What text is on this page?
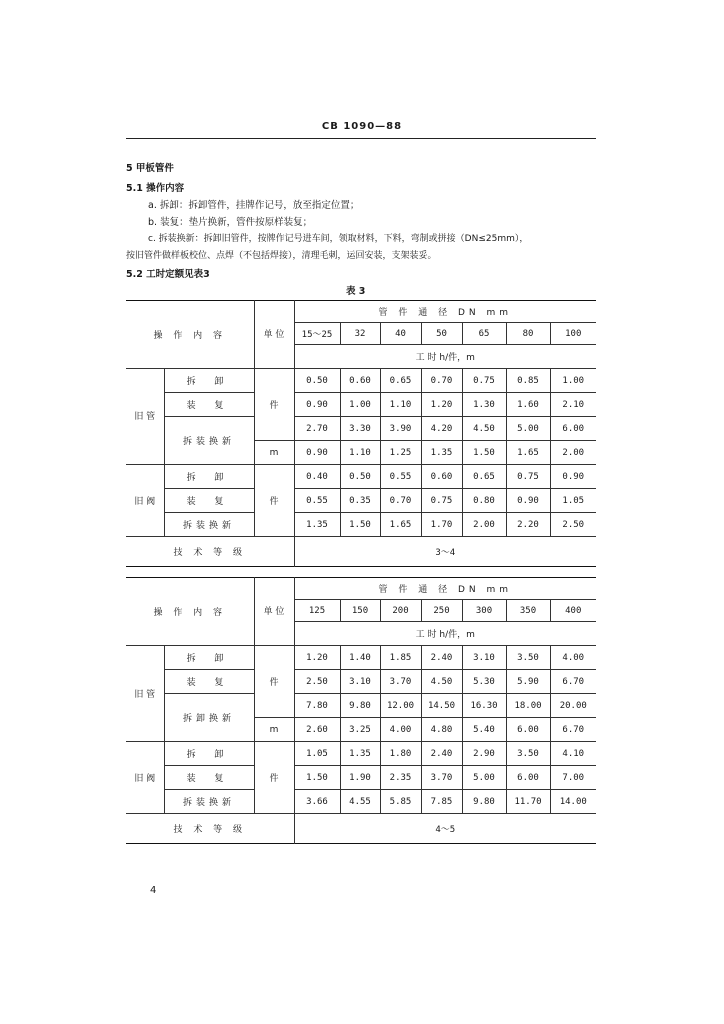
CB 1090—88
5 甲板管件
5.1 操作内容
a. 拆卸：拆卸管件，挂牌作记号，放至指定位置；
b. 装复：垫片换新，管件按原样装复；
c. 拆装换新：拆卸旧管件，按牌作记号进车间，领取材料，下料，弯制或拼接（DN≤25mm），
按旧管件做样板校位、点焊（不包括焊接），清理毛刺，运回安装，支架装妥。
5.2 工时定额见表3
表 3
操 作 内 容		单 位	管 件 通 径 DN mm						
			15～25	32	40	50	65	80	100
			工 时 h/件，m						
旧 管	拆 卸	件	0.50	0.60	0.65	0.70	0.75	0.85	1.00
	装 复		0.90	1.00	1.10	1.20	1.30	1.60	2.10
	拆装换新		2.70	3.30	3.90	4.20	4.50	5.00	6.00
		m	0.90	1.10	1.25	1.35	1.50	1.65	2.00
旧 阀	拆 卸	件	0.40	0.50	0.55	0.60	0.65	0.75	0.90
	装 复		0.55	0.35	0.70	0.75	0.80	0.90	1.05
	拆装换新		1.35	1.50	1.65	1.70	2.00	2.20	2.50
技 术 等 级			3～4						
操 作 内 容		单 位	管 件 通 径 DN mm						
			125	150	200	250	300	350	400
			工 时 h/件，m						
旧 管	拆 卸	件	1.20	1.40	1.85	2.40	3.10	3.50	4.00
	装 复		2.50	3.10	3.70	4.50	5.30	5.90	6.70
	拆卸换新		7.80	9.80	12.00	14.50	16.30	18.00	20.00
		m	2.60	3.25	4.00	4.80	5.40	6.00	6.70
旧 阀	拆 卸	件	1.05	1.35	1.80	2.40	2.90	3.50	4.10
	装 复		1.50	1.90	2.35	3.70	5.00	6.00	7.00
	拆装换新		3.66	4.55	5.85	7.85	9.80	11.70	14.00
技 术 等 级			4～5						
4
